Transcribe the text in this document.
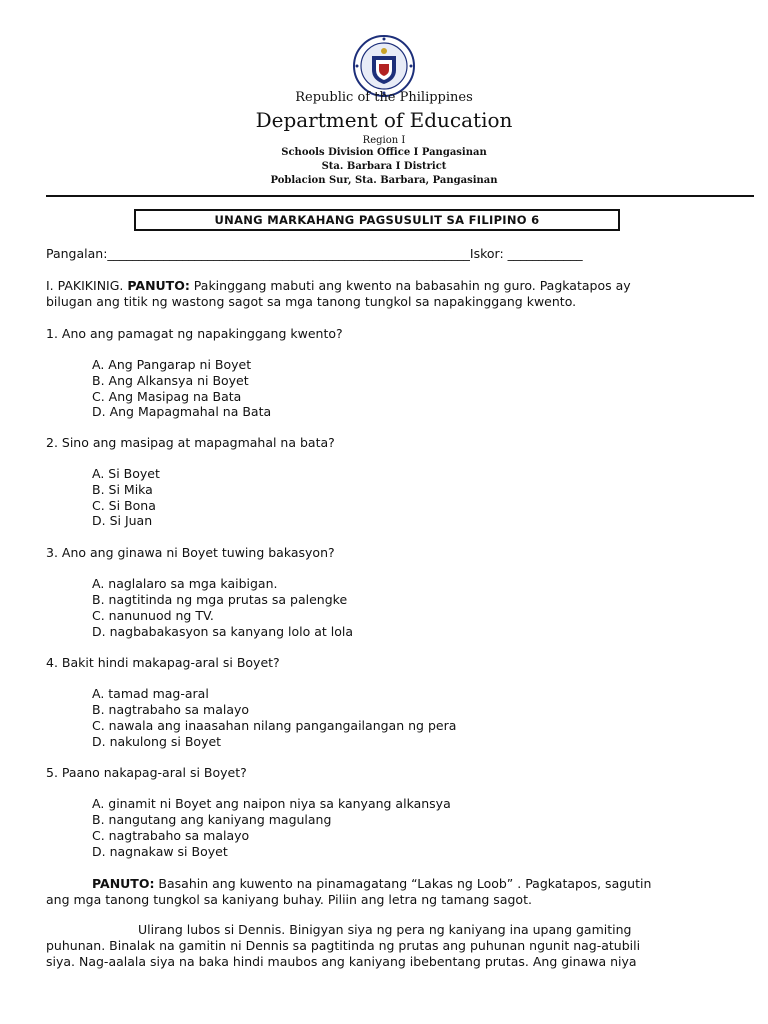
Republic of the Philippines
Department of Education
Region I
Schools Division Office I Pangasinan
Sta. Barbara I District
Poblacion Sur, Sta. Barbara, Pangasinan
UNANG MARKAHANG PAGSUSULIT SA FILIPINO 6
Pangalan:__________________________________________________________Iskor: ____________
I. PAKIKINIG. PANUTO: Pakinggang mabuti ang kwento na babasahin ng guro. Pagkatapos ay
bilugan ang titik ng wastong sagot sa mga tanong tungkol sa napakinggang kwento.
1. Ano ang pamagat ng napakinggang kwento?
A. Ang Pangarap ni Boyet
B. Ang Alkansya ni Boyet
C. Ang Masipag na Bata
D. Ang Mapagmahal na Bata
2. Sino ang masipag at mapagmahal na bata?
A. Si Boyet
B. Si Mika
C. Si Bona
D. Si Juan
3. Ano ang ginawa ni Boyet tuwing bakasyon?
A. naglalaro sa mga kaibigan.
B. nagtitinda ng mga prutas sa palengke
C. nanunuod ng TV.
D. nagbabakasyon sa kanyang lolo at lola
4. Bakit hindi makapag-aral si Boyet?
A. tamad mag-aral
B. nagtrabaho sa malayo
C. nawala ang inaasahan nilang pangangailangan ng pera
D. nakulong si Boyet
5. Paano nakapag-aral si Boyet?
A. ginamit ni Boyet ang naipon niya sa kanyang alkansya
B. nangutang ang kaniyang magulang
C. nagtrabaho sa malayo
D. nagnakaw si Boyet
PANUTO: Basahin ang kuwento na pinamagatang “Lakas ng Loob” . Pagkatapos, sagutin
ang mga tanong tungkol sa kaniyang buhay. Piliin ang letra ng tamang sagot.
Ulirang lubos si Dennis. Binigyan siya ng pera ng kaniyang ina upang gamiting
puhunan. Binalak na gamitin ni Dennis sa pagtitinda ng prutas ang puhunan ngunit nag-atubili
siya. Nag-aalala siya na baka hindi maubos ang kaniyang ibebentang prutas. Ang ginawa niya
